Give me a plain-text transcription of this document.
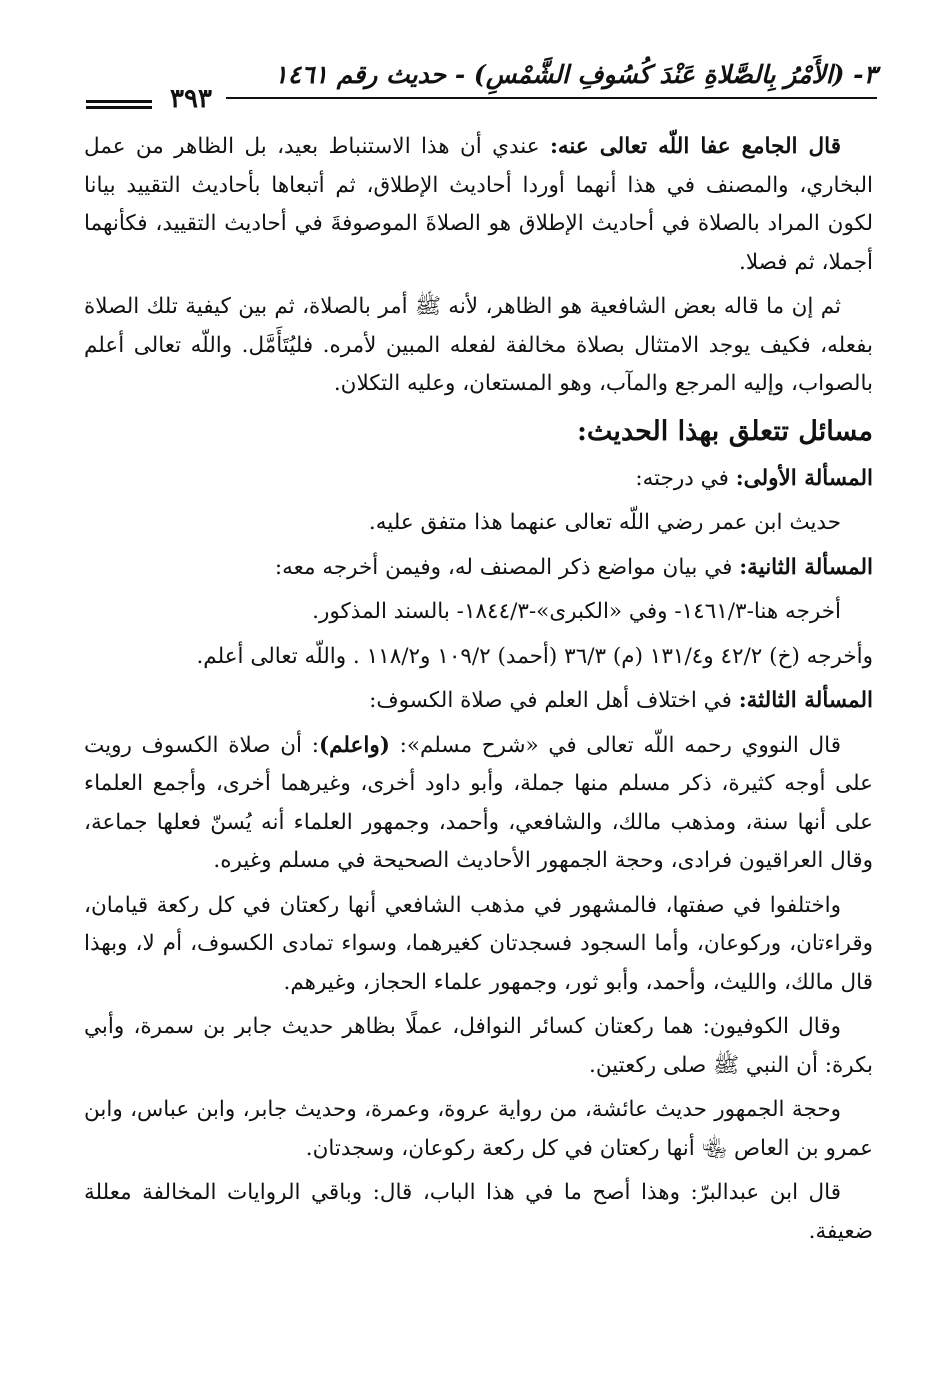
٣- (الأَمْرُ بِالصَّلاةِ عَنْدَ كُسُوفِ الشَّمْسِ) - حديث رقم ١٤٦١
٣٩٣

قال الجامع عفا اللّه تعالى عنه: عندي أن هذا الاستنباط بعيد، بل الظاهر من عمل البخاري، والمصنف في هذا أنهما أوردا أحاديث الإطلاق، ثم أتبعاها بأحاديث التقييد بيانا لكون المراد بالصلاة في أحاديث الإطلاق هو الصلاةَ الموصوفةَ في أحاديث التقييد، فكأنهما أجملا، ثم فصلا.

ثم إن ما قاله بعض الشافعية هو الظاهر، لأنه ﷺ أمر بالصلاة، ثم بين كيفية تلك الصلاة بفعله، فكيف يوجد الامتثال بصلاة مخالفة لفعله المبين لأمره. فليُتَأَمَّل. واللّه تعالى أعلم بالصواب، وإليه المرجع والمآب، وهو المستعان، وعليه التكلان.

مسائل تتعلق بهذا الحديث:

المسألة الأولى: في درجته:

حديث ابن عمر رضي اللّه تعالى عنهما هذا متفق عليه.

المسألة الثانية: في بيان مواضع ذكر المصنف له، وفيمن أخرجه معه:

أخرجه هنا-١٤٦١/٣- وفي «الكبرى»-١٨٤٤/٣- بالسند المذكور.

وأخرجه (خ) ٤٢/٢ و١٣١/٤ (م) ٣٦/٣ (أحمد) ١٠٩/٢ و١١٨/٢ . واللّه تعالى أعلم.

المسألة الثالثة: في اختلاف أهل العلم في صلاة الكسوف:

قال النووي رحمه اللّه تعالى في «شرح مسلم»: (واعلم): أن صلاة الكسوف رويت على أوجه كثيرة، ذكر مسلم منها جملة، وأبو داود أخرى، وغيرهما أخرى، وأجمع العلماء على أنها سنة، ومذهب مالك، والشافعي، وأحمد، وجمهور العلماء أنه يُسنّ فعلها جماعة، وقال العراقيون فرادى، وحجة الجمهور الأحاديث الصحيحة في مسلم وغيره.

واختلفوا في صفتها، فالمشهور في مذهب الشافعي أنها ركعتان في كل ركعة قيامان، وقراءتان، وركوعان، وأما السجود فسجدتان كغيرهما، وسواء تمادى الكسوف، أم لا، وبهذا قال مالك، والليث، وأحمد، وأبو ثور، وجمهور علماء الحجاز، وغيرهم.

وقال الكوفيون: هما ركعتان كسائر النوافل، عملًا بظاهر حديث جابر بن سمرة، وأبي بكرة: أن النبي ﷺ صلى ركعتين.

وحجة الجمهور حديث عائشة، من رواية عروة، وعمرة، وحديث جابر، وابن عباس، وابن عمرو بن العاص ﵄ أنها ركعتان في كل ركعة ركوعان، وسجدتان.

قال ابن عبدالبرّ: وهذا أصح ما في هذا الباب، قال: وباقي الروايات المخالفة معللة ضعيفة.
